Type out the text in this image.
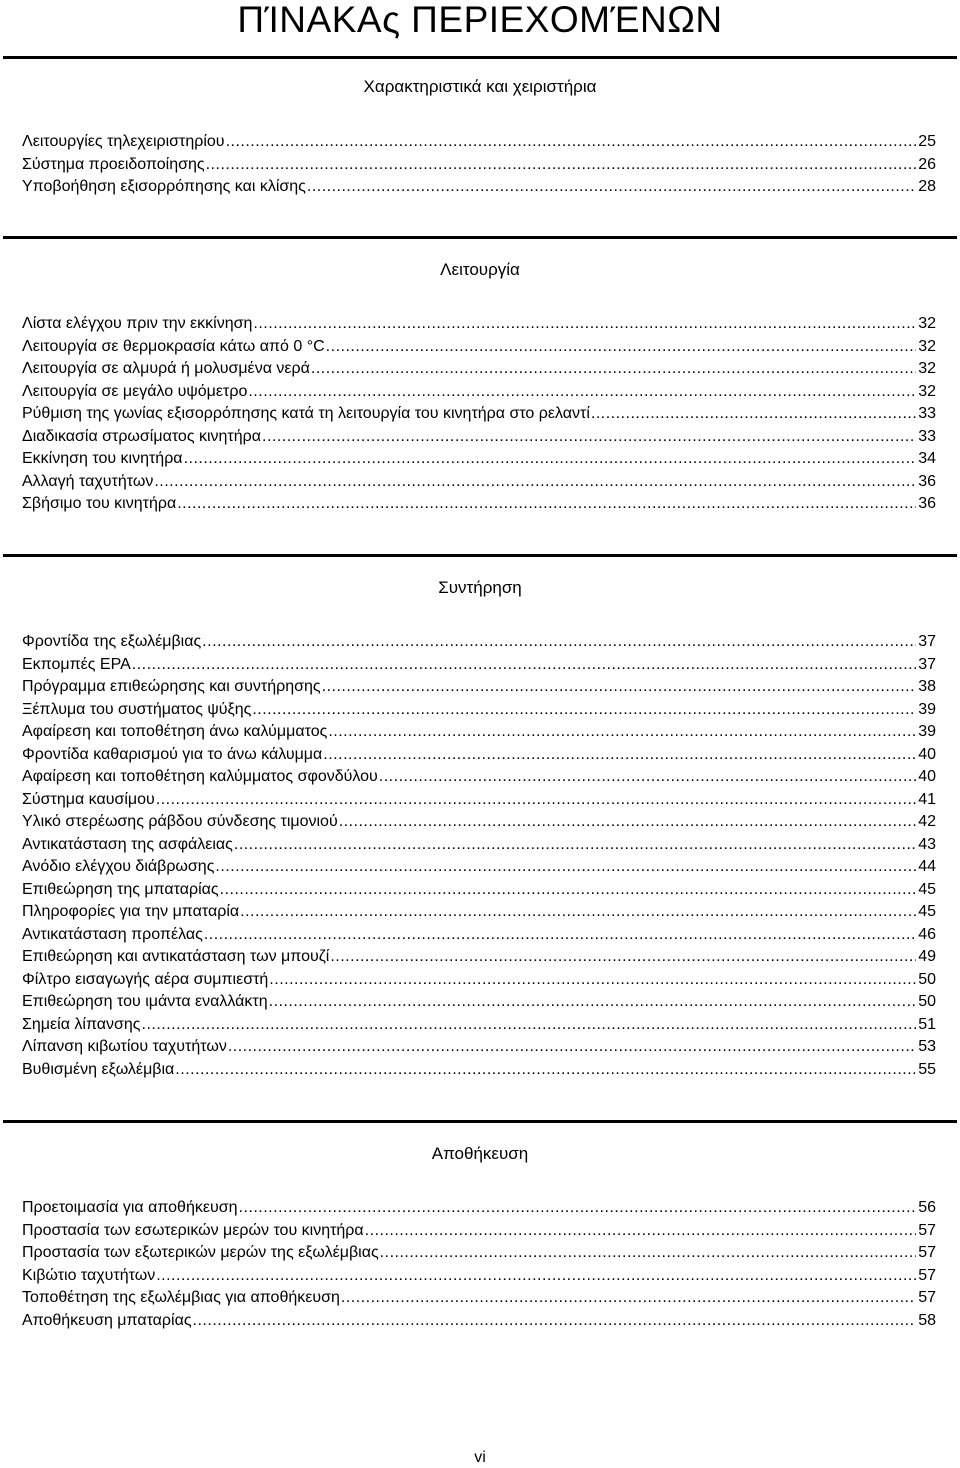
ΠΊΝΑΚAς ΠΕΡΙΕΧΟΜΈΝΩΝ
Χαρακτηριστικά και χειριστήρια
Λειτουργίες τηλεχειριστηρίου .....	25
Σύστημα προειδοποίησης .....	26
Υποβοήθηση εξισορρόπησης και κλίσης .....	28
Λειτουργία
Λίστα ελέγχου πριν την εκκίνηση .....	32
Λειτουργία σε θερμοκρασία κάτω από 0 °C .....	32
Λειτουργία σε αλμυρά ή μολυσμένα νερά .....	32
Λειτουργία σε μεγάλο υψόμετρο .....	32
Ρύθμιση της γωνίας εξισορρόπησης κατά τη λειτουργία του κινητήρα στο ρελαντί .....	33
Διαδικασία στρωσίματος κινητήρα .....	33
Εκκίνηση του κινητήρα .....	34
Αλλαγή ταχυτήτων .....	36
Σβήσιμο του κινητήρα .....	36
Συντήρηση
Φροντίδα της εξωλέμβιας .....	37
Εκπομπές EPA .....	37
Πρόγραμμα επιθεώρησης και συντήρησης .....	38
Ξέπλυμα του συστήματος ψύξης .....	39
Αφαίρεση και τοποθέτηση άνω καλύμματος .....	39
Φροντίδα καθαρισμού για το άνω κάλυμμα .....	40
Αφαίρεση και τοποθέτηση καλύμματος σφονδύλου .....	40
Σύστημα καυσίμου .....	41
Υλικό στερέωσης ράβδου σύνδεσης τιμονιού .....	42
Αντικατάσταση της ασφάλειας .....	43
Ανόδιο ελέγχου διάβρωσης .....	44
Επιθεώρηση της μπαταρίας .....	45
Πληροφορίες για την μπαταρία .....	45
Αντικατάσταση προπέλας .....	46
Επιθεώρηση και αντικατάσταση των μπουζί .....	49
Φίλτρο εισαγωγής αέρα συμπιεστή .....	50
Επιθεώρηση του ιμάντα εναλλάκτη .....	50
Σημεία λίπανσης .....	51
Λίπανση κιβωτίου ταχυτήτων .....	53
Βυθισμένη εξωλέμβια .....	55
Αποθήκευση
Προετοιμασία για αποθήκευση .....	56
Προστασία των εσωτερικών μερών του κινητήρα .....	57
Προστασία των εξωτερικών μερών της εξωλέμβιας .....	57
Κιβώτιο ταχυτήτων .....	57
Τοποθέτηση της εξωλέμβιας για αποθήκευση .....	57
Αποθήκευση μπαταρίας .....	58
vi
